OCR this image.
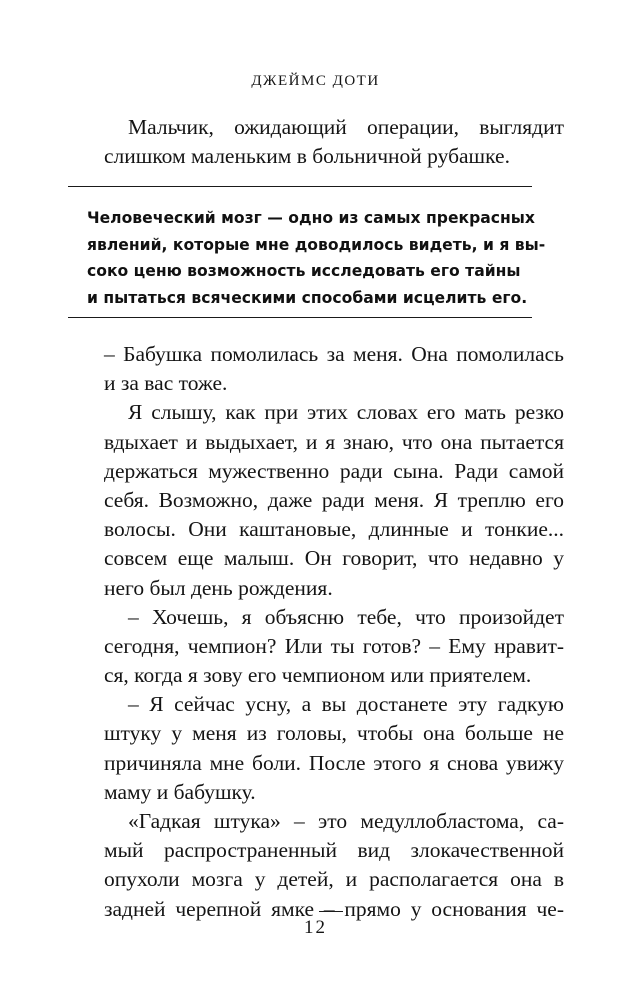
ДЖЕЙМС ДОТИ
Мальчик, ожидающий операции, выглядит
слишком маленьким в больничной рубашке.
Человеческий мозг — одно из самых прекрасных
явлений, которые мне доводилось видеть, и я вы-
соко ценю возможность исследовать его тайны
и пытаться всяческими способами исцелить его.
– Бабушка помолилась за меня. Она помолилась
и за вас тоже.
Я слышу, как при этих словах его мать резко
вдыхает и выдыхает, и я знаю, что она пытается
держаться мужественно ради сына. Ради самой
себя. Возможно, даже ради меня. Я треплю его
волосы. Они каштановые, длинные и тонкие...
совсем еще малыш. Он говорит, что недавно у
него был день рождения.
– Хочешь, я объясню тебе, что произойдет
сегодня, чемпион? Или ты готов? – Ему нравит-
ся, когда я зову его чемпионом или приятелем.
– Я сейчас усну, а вы достанете эту гадкую
штуку у меня из головы, чтобы она больше не
причиняла мне боли. После этого я снова увижу
маму и бабушку.
«Гадкая штука» – это медуллобластома, са-
мый распространенный вид злокачественной
опухоли мозга у детей, и располагается она в
задней черепной ямке – прямо у основания че-
12
